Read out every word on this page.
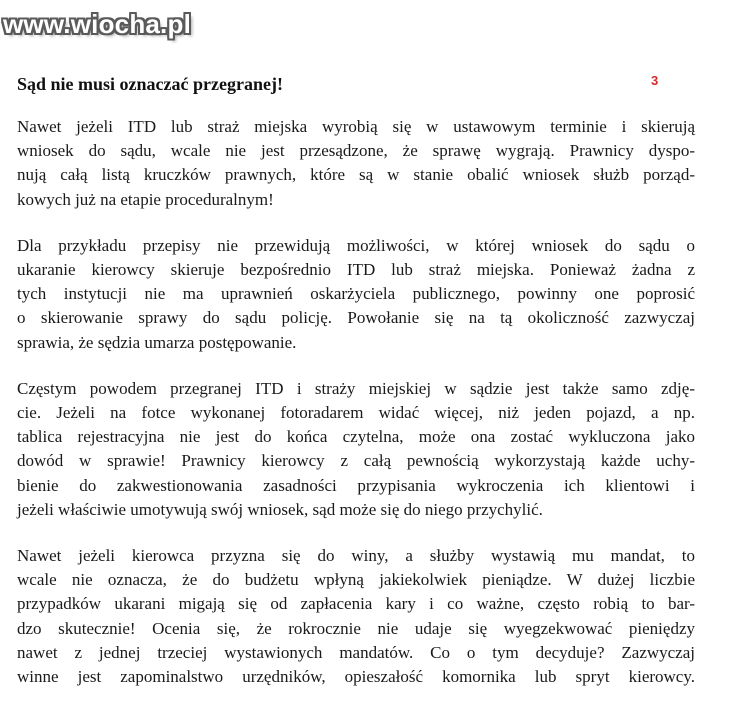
www.wiocha.pl
Sąd nie musi oznaczać przegranej!	3

Nawet jeżeli ITD lub straż miejska wyrobią się w ustawowym terminie i skierują
wniosek do sądu, wcale nie jest przesądzone, że sprawę wygrają. Prawnicy dyspo-
nują całą listą kruczków prawnych, które są w stanie obalić wniosek służb porząd-
kowych już na etapie proceduralnym!

Dla przykładu przepisy nie przewidują możliwości, w której wniosek do sądu o
ukaranie kierowcy skieruje bezpośrednio ITD lub straż miejska. Ponieważ żadna z
tych instytucji nie ma uprawnień oskarżyciela publicznego, powinny one poprosić
o skierowanie sprawy do sądu policję. Powołanie się na tą okoliczność zazwyczaj
sprawia, że sędzia umarza postępowanie.

Częstym powodem przegranej ITD i straży miejskiej w sądzie jest także samo zdję-
cie. Jeżeli na fotce wykonanej fotoradarem widać więcej, niż jeden pojazd, a np.
tablica rejestracyjna nie jest do końca czytelna, może ona zostać wykluczona jako
dowód w sprawie! Prawnicy kierowcy z całą pewnością wykorzystają każde uchy-
bienie do zakwestionowania zasadności przypisania wykroczenia ich klientowi i
jeżeli właściwie umotywują swój wniosek, sąd może się do niego przychylić.

Nawet jeżeli kierowca przyzna się do winy, a służby wystawią mu mandat, to
wcale nie oznacza, że do budżetu wpłyną jakiekolwiek pieniądze. W dużej liczbie
przypadków ukarani migają się od zapłacenia kary i co ważne, często robią to bar-
dzo skutecznie! Ocenia się, że rokrocznie nie udaje się wyegzekwować pieniędzy
nawet z jednej trzeciej wystawionych mandatów. Co o tym decyduje? Zazwyczaj
winne jest zapominalstwo urzędników, opieszałość komornika lub spryt kierowcy.
